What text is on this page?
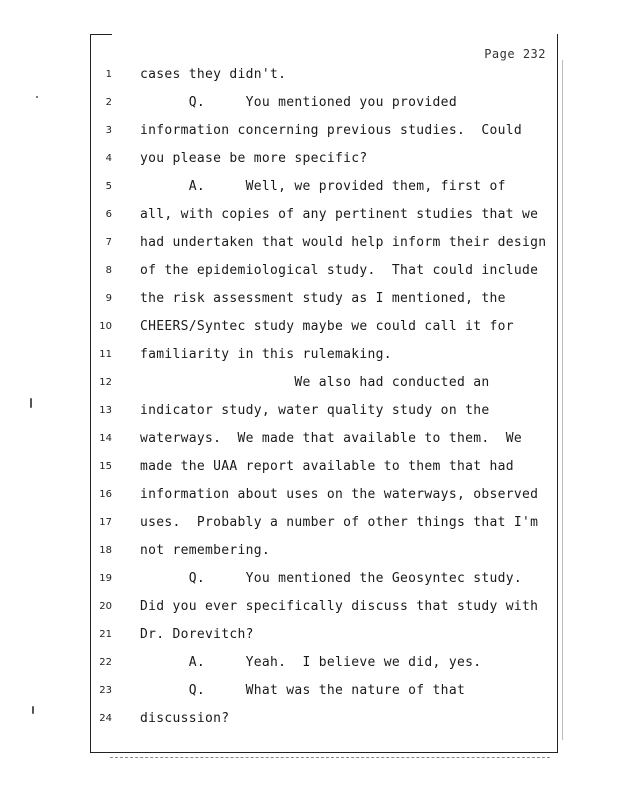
Page 232
1 cases they didn't.
2 Q.     You mentioned you provided
3 information concerning previous studies.  Could
4 you please be more specific?
5 A.     Well, we provided them, first of
6 all, with copies of any pertinent studies that we
7 had undertaken that would help inform their design
8 of the epidemiological study.  That could include
9 the risk assessment study as I mentioned, the
10 CHEERS/Syntec study maybe we could call it for
11 familiarity in this rulemaking.
12 We also had conducted an
13 indicator study, water quality study on the
14 waterways.  We made that available to them.  We
15 made the UAA report available to them that had
16 information about uses on the waterways, observed
17 uses.  Probably a number of other things that I'm
18 not remembering.
19 Q.     You mentioned the Geosyntec study.
20 Did you ever specifically discuss that study with
21 Dr. Dorevitch?
22 A.     Yeah.  I believe we did, yes.
23 Q.     What was the nature of that
24 discussion?
